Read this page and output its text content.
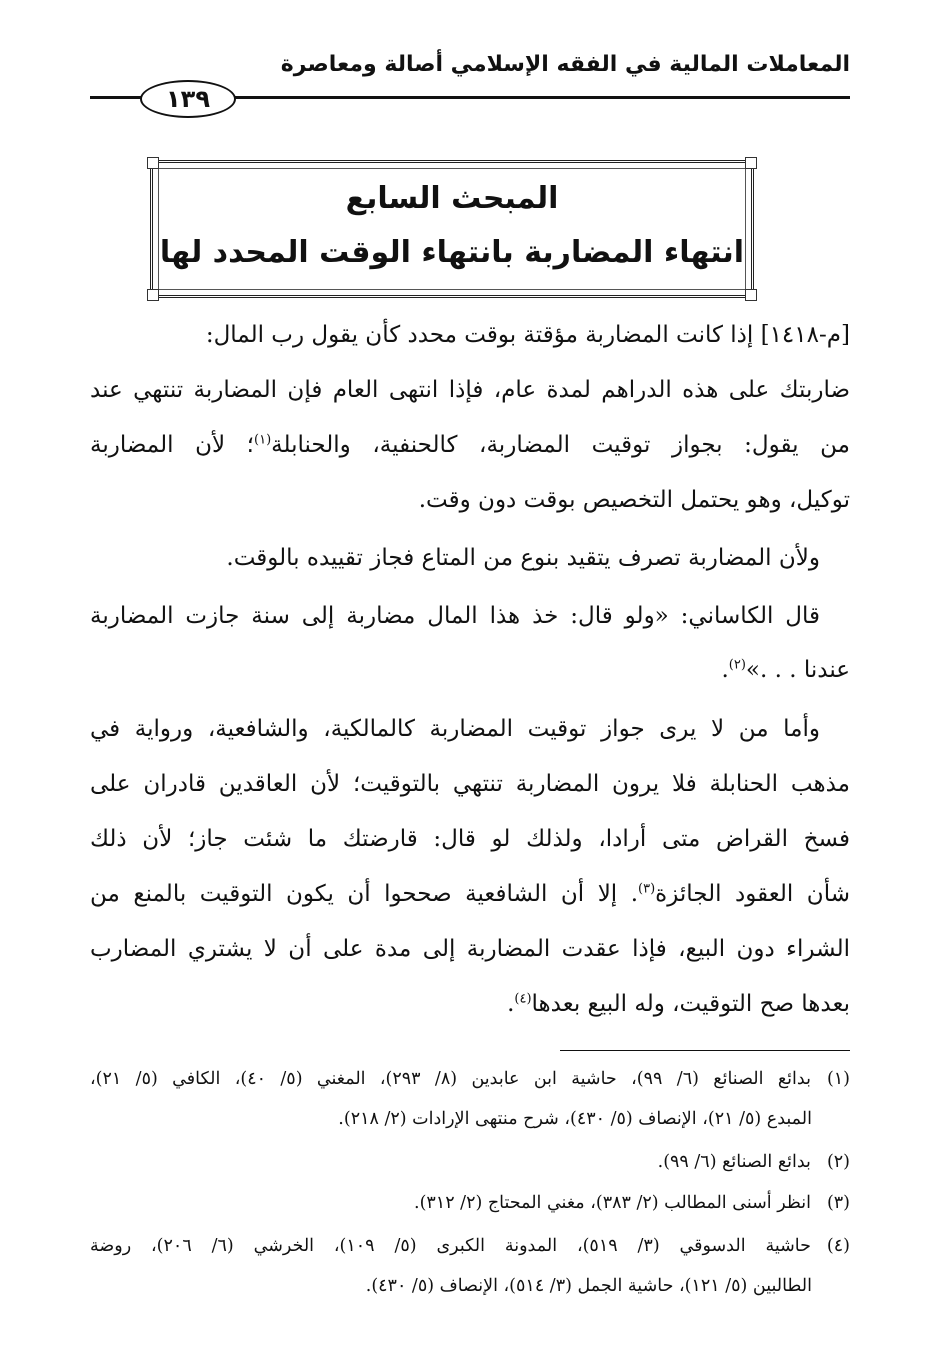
المعاملات المالية في الفقه الإسلامي أصالة ومعاصرة
١٣٩
المبحث السابع
انتهاء المضاربة بانتهاء الوقت المحدد لها
[م-١٤١٨] إذا كانت المضاربة مؤقتة بوقت محدد كأن يقول رب المال:
ضاربتك على هذه الدراهم لمدة عام، فإذا انتهى العام فإن المضاربة تنتهي عند
من يقول: بجواز توقيت المضاربة، كالحنفية، والحنابلة$^{(١)}$؛ لأن المضاربة
توكيل، وهو يحتمل التخصيص بوقت دون وقت.
ولأن المضاربة تصرف يتقيد بنوع من المتاع فجاز تقييده بالوقت.
قال الكاساني: «ولو قال: خذ هذا المال مضاربة إلى سنة جازت المضاربة
عندنا . . .»$^{(٢)}$.
وأما من لا يرى جواز توقيت المضاربة كالمالكية، والشافعية، ورواية في
مذهب الحنابلة فلا يرون المضاربة تنتهي بالتوقيت؛ لأن العاقدين قادران على
فسخ القراض متى أرادا، ولذلك لو قال: قارضتك ما شئت جاز؛ لأن ذلك
شأن العقود الجائزة$^{(٣)}$. إلا أن الشافعية صححوا أن يكون التوقيت بالمنع من
الشراء دون البيع، فإذا عقدت المضاربة إلى مدة على أن لا يشتري المضارب
بعدها صح التوقيت، وله البيع بعدها$^{(٤)}$.
(١)بدائع الصنائع (٦/ ٩٩)، حاشية ابن عابدين (٨/ ٢٩٣)، المغني (٥/ ٤٠)، الكافي (٥/ ٢١)،
المبدع (٥/ ٢١)، الإنصاف (٥/ ٤٣٠)، شرح منتهى الإرادات (٢/ ٢١٨).
(٢)بدائع الصنائع (٦/ ٩٩).
(٣)انظر أسنى المطالب (٢/ ٣٨٣)، مغني المحتاج (٢/ ٣١٢).
(٤)حاشية الدسوقي (٣/ ٥١٩)، المدونة الكبرى (٥/ ١٠٩)، الخرشي (٦/ ٢٠٦)، روضة
الطالبين (٥/ ١٢١)، حاشية الجمل (٣/ ٥١٤)، الإنصاف (٥/ ٤٣٠).
